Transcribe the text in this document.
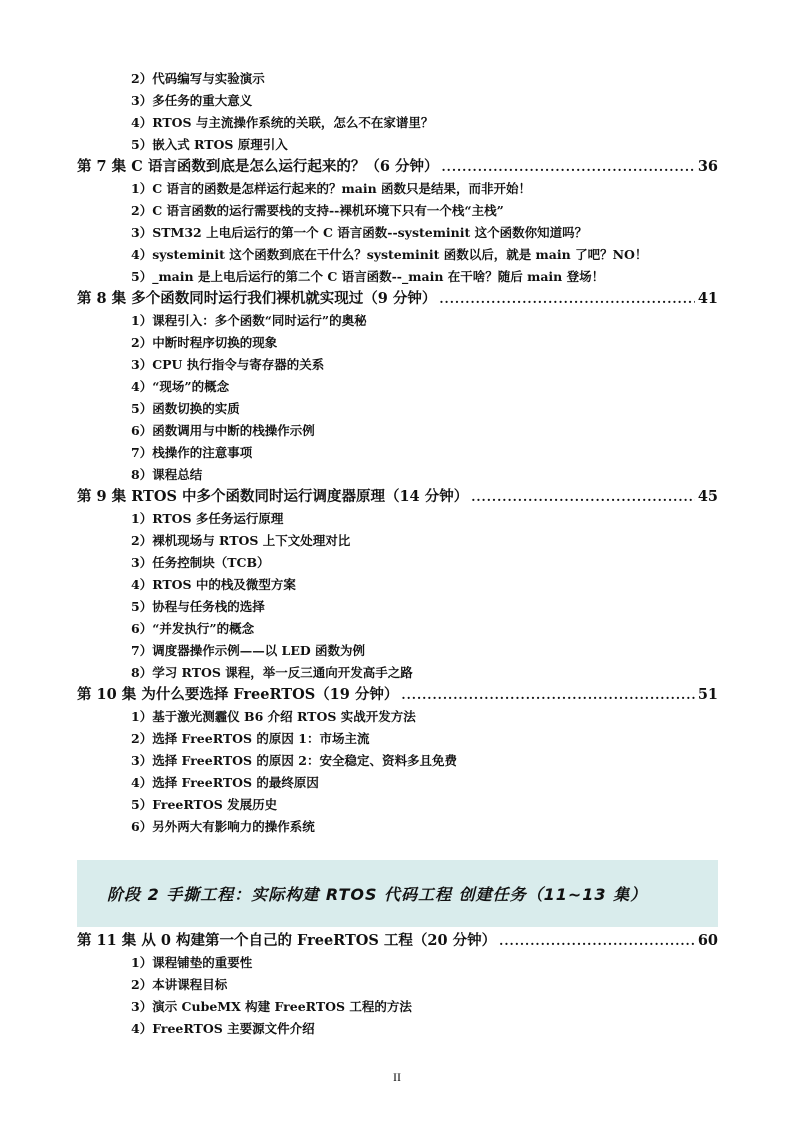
2）代码编写与实验演示
3）多任务的重大意义
4）RTOS 与主流操作系统的关联，怎么不在家谱里？
5）嵌入式 RTOS 原理引入
第 7 集 C 语言函数到底是怎么运行起来的？（6 分钟） .....	36
1）C 语言的函数是怎样运行起来的？main 函数只是结果，而非开始！
2）C 语言函数的运行需要栈的支持--裸机环境下只有一个栈“主栈”
3）STM32 上电后运行的第一个 C 语言函数--systeminit 这个函数你知道吗？
4）systeminit 这个函数到底在干什么？systeminit 函数以后，就是 main 了吧？NO！
5）_main 是上电后运行的第二个 C 语言函数--_main 在干啥？随后 main 登场！
第 8 集 多个函数同时运行我们裸机就实现过（9 分钟） .....	41
1）课程引入：多个函数“同时运行”的奥秘
2）中断时程序切换的现象
3）CPU 执行指令与寄存器的关系
4）“现场”的概念
5）函数切换的实质
6）函数调用与中断的栈操作示例
7）栈操作的注意事项
8）课程总结
第 9 集 RTOS 中多个函数同时运行调度器原理（14 分钟） .....	45
1）RTOS 多任务运行原理
2）裸机现场与 RTOS 上下文处理对比
3）任务控制块（TCB）
4）RTOS 中的栈及微型方案
5）协程与任务栈的选择
6）“并发执行”的概念
7）调度器操作示例——以 LED 函数为例
8）学习 RTOS 课程，举一反三通向开发高手之路
第 10 集 为什么要选择 FreeRTOS（19 分钟） .....	51
1）基于激光测霾仪 B6 介绍 RTOS 实战开发方法
2）选择 FreeRTOS 的原因 1：市场主流
3）选择 FreeRTOS 的原因 2：安全稳定、资料多且免费
4）选择 FreeRTOS 的最终原因
5）FreeRTOS 发展历史
6）另外两大有影响力的操作系统
阶段 2 手撕工程：实际构建 RTOS 代码工程 创建任务（11~13 集）
第 11 集 从 0 构建第一个自己的 FreeRTOS 工程（20 分钟） .....	60
1）课程铺垫的重要性
2）本讲课程目标
3）演示 CubeMX 构建 FreeRTOS 工程的方法
4）FreeRTOS 主要源文件介绍
II
